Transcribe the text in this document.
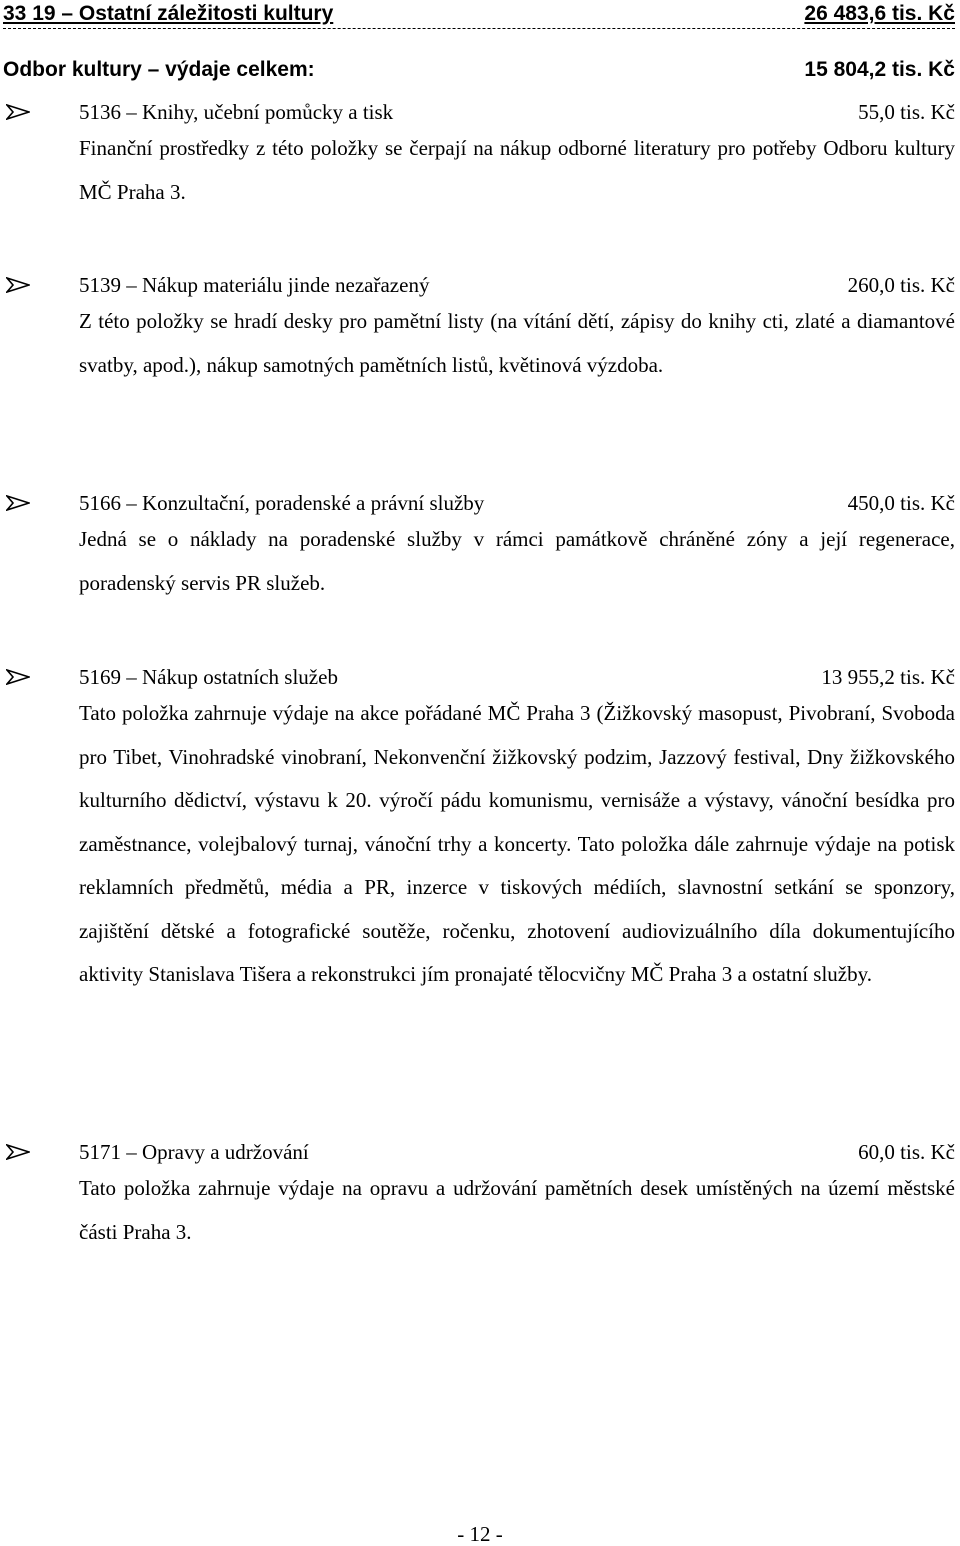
33 19 – Ostatní záležitosti kultury	26 483,6 tis. Kč
Odbor kultury – výdaje celkem:	15 804,2 tis. Kč
5136 – Knihy, učební pomůcky a tisk	55,0 tis. Kč

Finanční prostředky z této položky se čerpají na nákup odborné literatury pro potřeby Odboru kultury MČ Praha 3.

5139 – Nákup materiálu jinde nezařazený	260,0 tis. Kč

Z této položky se hradí desky pro pamětní listy (na vítání dětí, zápisy do knihy cti, zlaté a diamantové svatby, apod.), nákup samotných pamětních listů, květinová výzdoba.

5166 – Konzultační, poradenské a právní služby	450,0 tis. Kč

Jedná se o náklady na poradenské služby v rámci památkově chráněné zóny a její regenerace, poradenský servis PR služeb.

5169 – Nákup ostatních služeb	13 955,2 tis. Kč

Tato položka zahrnuje výdaje na akce pořádané MČ Praha 3 (Žižkovský masopust, Pivobraní, Svoboda pro Tibet, Vinohradské vinobraní, Nekonvenční žižkovský podzim, Jazzový festival, Dny žižkovského kulturního dědictví, výstavu k 20. výročí pádu komunismu, vernisáže a výstavy, vánoční besídka pro zaměstnance, volejbalový turnaj, vánoční trhy a koncerty. Tato položka dále zahrnuje výdaje na potisk reklamních předmětů, média a PR, inzerce v tiskových médiích, slavnostní setkání se sponzory, zajištění dětské a fotografické soutěže, ročenku, zhotovení audiovizuálního díla dokumentujícího aktivity Stanislava Tišera a rekonstrukci jím pronajaté tělocvičny MČ Praha 3 a ostatní služby.

5171 – Opravy a udržování	60,0 tis. Kč

Tato položka zahrnuje výdaje na opravu a udržování pamětních desek umístěných na území městské části Praha 3.

- 12 -
